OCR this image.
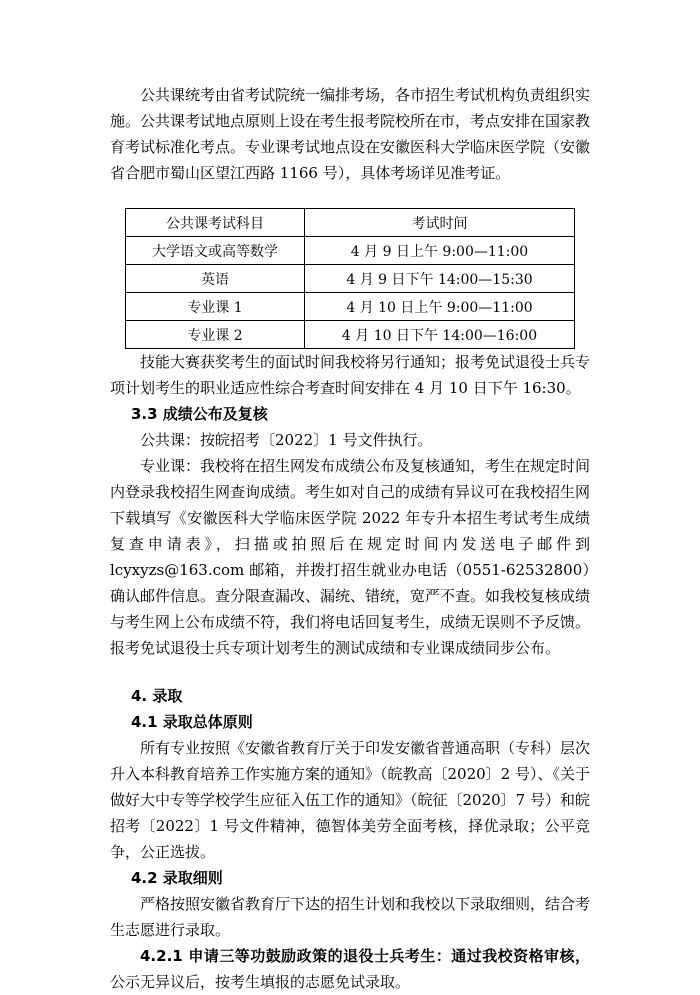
公共课统考由省考试院统一编排考场，各市招生考试机构负责组织实施。公共课考试地点原则上设在考生报考院校所在市，考点安排在国家教育考试标准化考点。专业课考试地点设在安徽医科大学临床医学院（安徽省合肥市蜀山区望江西路 1166 号），具体考场详见准考证。

公共课考试科目	考试时间
大学语文或高等数学	4 月 9 日上午 9:00—11:00
英语	4 月 9 日下午 14:00—15:30
专业课 1	4 月 10 日上午 9:00—11:00
专业课 2	4 月 10 日下午 14:00—16:00

技能大赛获奖考生的面试时间我校将另行通知；报考免试退役士兵专项计划考生的职业适应性综合考查时间安排在 4 月 10 日下午 16:30。

3.3 成绩公布及复核

公共课：按皖招考〔2022〕1 号文件执行。

专业课：我校将在招生网发布成绩公布及复核通知，考生在规定时间内登录我校招生网查询成绩。考生如对自己的成绩有异议可在我校招生网下载填写《安徽医科大学临床医学院 2022 年专升本招生考试考生成绩复查申请表》，扫描或拍照后在规定时间内发送电子邮件到 lcyxyzs@163.com 邮箱，并拨打招生就业办电话（0551-62532800）确认邮件信息。查分限查漏改、漏统、错统，宽严不查。如我校复核成绩与考生网上公布成绩不符，我们将电话回复考生，成绩无误则不予反馈。报考免试退役士兵专项计划考生的测试成绩和专业课成绩同步公布。

4. 录取
4.1 录取总体原则

所有专业按照《安徽省教育厅关于印发安徽省普通高职（专科）层次升入本科教育培养工作实施方案的通知》（皖教高〔2020〕2 号）、《关于做好大中专等学校学生应征入伍工作的通知》（皖征〔2020〕7 号）和皖招考〔2022〕1 号文件精神，德智体美劳全面考核，择优录取；公平竞争，公正选拔。

4.2 录取细则

严格按照安徽省教育厅下达的招生计划和我校以下录取细则，结合考生志愿进行录取。

4.2.1 申请三等功鼓励政策的退役士兵考生：通过我校资格审核，公示无异议后，按考生填报的志愿免试录取。
